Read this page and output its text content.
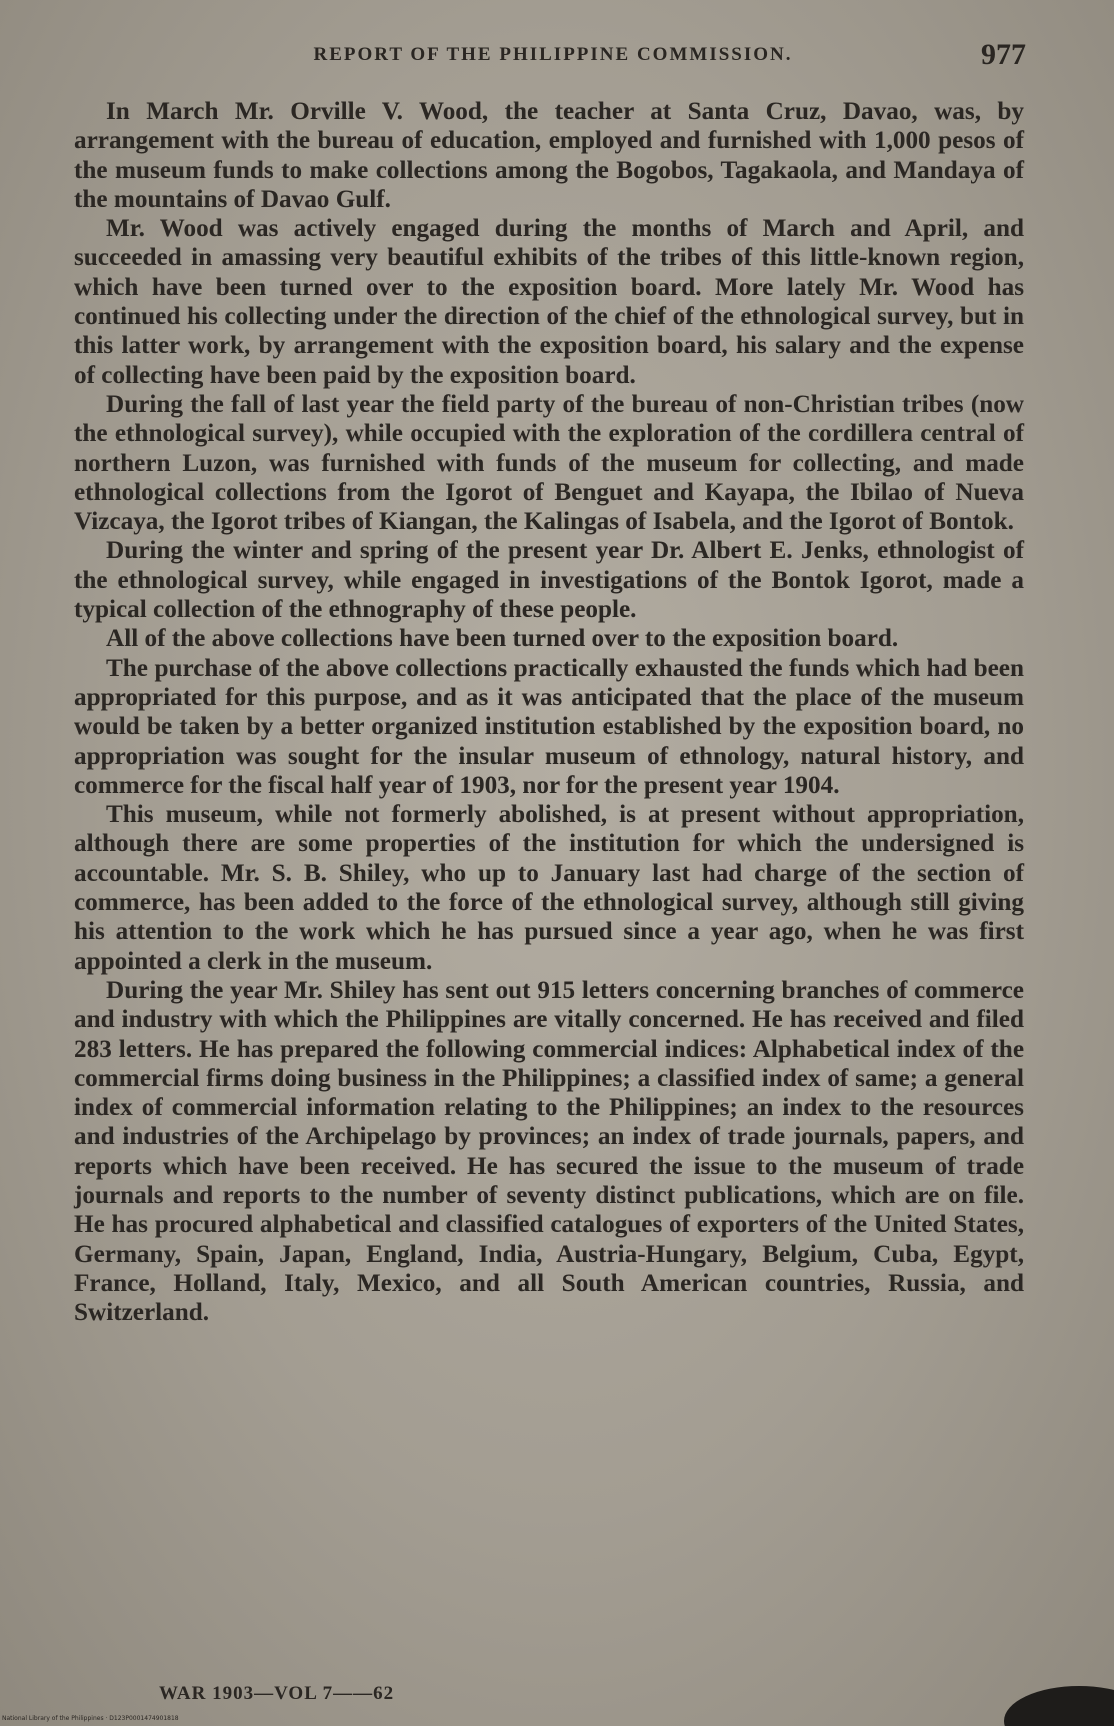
REPORT OF THE PHILIPPINE COMMISSION.	977

In March Mr. Orville V. Wood, the teacher at Santa Cruz, Davao, was, by arrangement with the bureau of education, employed and furnished with 1,000 pesos of the museum funds to make collections among the Bogobos, Tagakaola, and Mandaya of the mountains of Davao Gulf.

Mr. Wood was actively engaged during the months of March and April, and succeeded in amassing very beautiful exhibits of the tribes of this little-known region, which have been turned over to the exposition board. More lately Mr. Wood has continued his collecting under the direction of the chief of the ethnological survey, but in this latter work, by arrangement with the exposition board, his salary and the expense of collecting have been paid by the exposition board.

During the fall of last year the field party of the bureau of non-Christian tribes (now the ethnological survey), while occupied with the exploration of the cordillera central of northern Luzon, was furnished with funds of the museum for collecting, and made ethnological collections from the Igorot of Benguet and Kayapa, the Ibilao of Nueva Vizcaya, the Igorot tribes of Kiangan, the Kalingas of Isabela, and the Igorot of Bontok.

During the winter and spring of the present year Dr. Albert E. Jenks, ethnologist of the ethnological survey, while engaged in investigations of the Bontok Igorot, made a typical collection of the ethnography of these people.

All of the above collections have been turned over to the exposition board.

The purchase of the above collections practically exhausted the funds which had been appropriated for this purpose, and as it was anticipated that the place of the museum would be taken by a better organized institution established by the exposition board, no appropriation was sought for the insular museum of ethnology, natural history, and commerce for the fiscal half year of 1903, nor for the present year 1904.

This museum, while not formerly abolished, is at present without appropriation, although there are some properties of the institution for which the undersigned is accountable. Mr. S. B. Shiley, who up to January last had charge of the section of commerce, has been added to the force of the ethnological survey, although still giving his attention to the work which he has pursued since a year ago, when he was first appointed a clerk in the museum.

During the year Mr. Shiley has sent out 915 letters concerning branches of commerce and industry with which the Philippines are vitally concerned. He has received and filed 283 letters. He has prepared the following commercial indices: Alphabetical index of the commercial firms doing business in the Philippines; a classified index of same; a general index of commercial information relating to the Philippines; an index to the resources and industries of the Archipelago by provinces; an index of trade journals, papers, and reports which have been received. He has secured the issue to the museum of trade journals and reports to the number of seventy distinct publications, which are on file. He has procured alphabetical and classified catalogues of exporters of the United States, Germany, Spain, Japan, England, India, Austria-Hungary, Belgium, Cuba, Egypt, France, Holland, Italy, Mexico, and all South American countries, Russia, and Switzerland.

WAR 1903—VOL 7——62
National Library of the Philippines · D123P0001474901818
